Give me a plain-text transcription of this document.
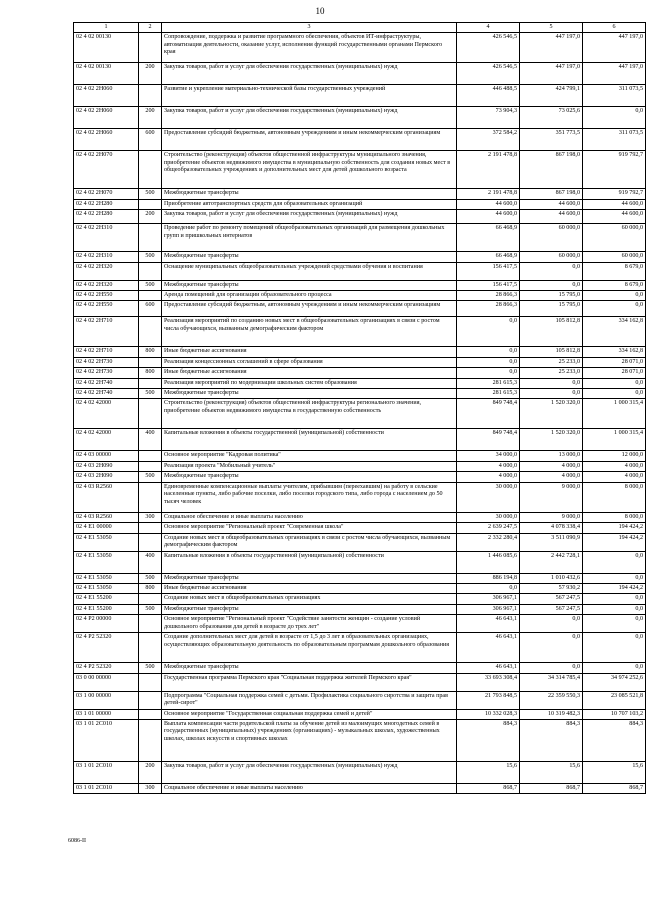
10
1	2	3	4	5	6
02 4 02 00130		Сопровождение, поддержка и развитие программного обеспечения, объектов ИТ-инфраструктуры, автоматизация деятельности, оказание услуг, исполнения функций государственными органами Пермского края	426 546,5	447 197,0	447 197,0
02 4 02 00130	200	Закупка товаров, работ и услуг для обеспечения государственных (муниципальных) нужд	426 546,5	447 197,0	447 197,0
02 4 02 2Н060		Развитие и укрепление материально-технической базы государственных учреждений	446 488,5	424 799,1	311 073,5
02 4 02 2Н060	200	Закупка товаров, работ и услуг для обеспечения государственных (муниципальных) нужд	73 904,3	73 025,6	0,0
02 4 02 2Н060	600	Предоставление субсидий бюджетным, автономным учреждениям и иным некоммерческим организациям	372 584,2	351 773,5	311 073,5
02 4 02 2Н070		Строительство (реконструкция) объектов общественной инфраструктуры муниципального значения, приобретение объектов недвижимого имущества в муниципальную собственность для создания новых мест в общеобразовательных учреждениях и дополнительных мест для детей дошкольного возраста	2 191 478,8	867 198,0	919 792,7
02 4 02 2Н070	500	Межбюджетные трансферты	2 191 478,8	867 198,0	919 792,7
02 4 02 2Н280		Приобретение автотранспортных средств для образовательных организаций	44 600,0	44 600,0	44 600,0
02 4 02 2Н280	200	Закупка товаров, работ и услуг для обеспечения государственных (муниципальных) нужд	44 600,0	44 600,0	44 600,0
02 4 02 2Н310		Проведение работ по ремонту помещений общеобразовательных организаций для размещения дошкольных групп и пришкольных интернатов	66 468,9	60 000,0	60 000,0
02 4 02 2Н310	500	Межбюджетные трансферты	66 468,9	60 000,0	60 000,0
02 4 02 2Н320		Оснащение муниципальных общеобразовательных учреждений средствами обучения и воспитания	156 417,5	0,0	8 679,0
02 4 02 2Н320	500	Межбюджетные трансферты	156 417,5	0,0	8 679,0
02 4 02 2Н550		Аренда помещений для организации образовательного процесса	28 866,3	15 795,0	0,0
02 4 02 2Н550	600	Предоставление субсидий бюджетным, автономным учреждениям и иным некоммерческим организациям	28 866,3	15 795,0	0,0
02 4 02 2Н710		Реализация мероприятий по созданию новых мест в общеобразовательных организациях в связи с ростом числа обучающихся, вызванным демографическим фактором	0,0	105 812,8	334 162,8
02 4 02 2Н710	800	Иные бюджетные ассигнования	0,0	105 812,8	334 162,8
02 4 02 2Н730		Реализация концессионных соглашений в сфере образования	0,0	25 233,0	28 071,0
02 4 02 2Н730	800	Иные бюджетные ассигнования	0,0	25 233,0	28 071,0
02 4 02 2Н740		Реализация мероприятий по модернизации школьных систем образования	281 615,3	0,0	0,0
02 4 02 2Н740	500	Межбюджетные трансферты	281 615,3	0,0	0,0
02 4 02 42000		Строительство (реконструкция) объектов общественной инфраструктуры регионального значения, приобретение объектов недвижимого имущества в государственную собственность	849 748,4	1 520 320,0	1 000 315,4
02 4 02 42000	400	Капитальные вложения в объекты государственной (муниципальной) собственности	849 748,4	1 520 320,0	1 000 315,4
02 4 03 00000		Основное мероприятие "Кадровая политика"	34 000,0	13 000,0	12 000,0
02 4 03 2Н090		Реализация проекта "Мобильный учитель"	4 000,0	4 000,0	4 000,0
02 4 03 2Н090	500	Межбюджетные трансферты	4 000,0	4 000,0	4 000,0
02 4 03 R2560		Единовременные компенсационные выплаты учителям, прибывшим (переехавшим) на работу в сельские населенные пункты, либо рабочие поселки, либо поселки городского типа, либо города с населением до 50 тысяч человек	30 000,0	9 000,0	8 000,0
02 4 03 R2560	300	Социальное обеспечение и иные выплаты населению	30 000,0	9 000,0	8 000,0
02 4 E1 00000		Основное мероприятие "Региональный проект "Современная школа"	2 639 247,5	4 078 338,4	194 424,2
02 4 E1 53050		Создание новых мест в общеобразовательных организациях в связи с ростом числа обучающихся, вызванным демографическим фактором	2 332 280,4	3 511 090,9	194 424,2
02 4 E1 53050	400	Капитальные вложения в объекты государственной (муниципальной) собственности	1 446 085,6	2 442 728,1	0,0
02 4 E1 53050	500	Межбюджетные трансферты	886 194,8	1 010 432,6	0,0
02 4 E1 53050	800	Иные бюджетные ассигнования	0,0	57 930,2	194 424,2
02 4 E1 55200		Создание новых мест в общеобразовательных организациях	306 967,1	567 247,5	0,0
02 4 E1 55200	500	Межбюджетные трансферты	306 967,1	567 247,5	0,0
02 4 P2 00000		Основное мероприятие "Региональный проект "Содействие занятости женщин - создание условий дошкольного образования для детей в возрасте до трех лет"	46 643,1	0,0	0,0
02 4 P2 52320		Создание дополнительных мест для детей в возрасте от 1,5 до 3 лет в образовательных организациях, осуществляющих образовательную деятельность по образовательным программам дошкольного образования	46 643,1	0,0	0,0
02 4 P2 52320	500	Межбюджетные трансферты	46 643,1	0,0	0,0
03 0 00 00000		Государственная программа Пермского края "Социальная поддержка жителей Пермского края"	33 693 308,4	34 314 785,4	34 974 252,6
03 1 00 00000		Подпрограмма "Социальная поддержка семей с детьми. Профилактика социального сиротства и защита прав детей-сирот"	21 793 848,5	22 359 550,3	23 085 521,8
03 1 01 00000		Основное мероприятие "Государственная социальная поддержка семей и детей"	10 332 028,3	10 319 482,3	10 707 103,2
03 1 01 2С010		Выплата компенсации части родительской платы за обучение детей из малоимущих многодетных семей в государственных (муниципальных) учреждениях (организациях) - музыкальных школах, художественных школах, школах искусств и спортивных школах	884,3	884,3	884,3
03 1 01 2С010	200	Закупка товаров, работ и услуг для обеспечения государственных (муниципальных) нужд	15,6	15,6	15,6
03 1 01 2С010	300	Социальное обеспечение и иные выплаты населению	868,7	868,7	868,7
6086-II
